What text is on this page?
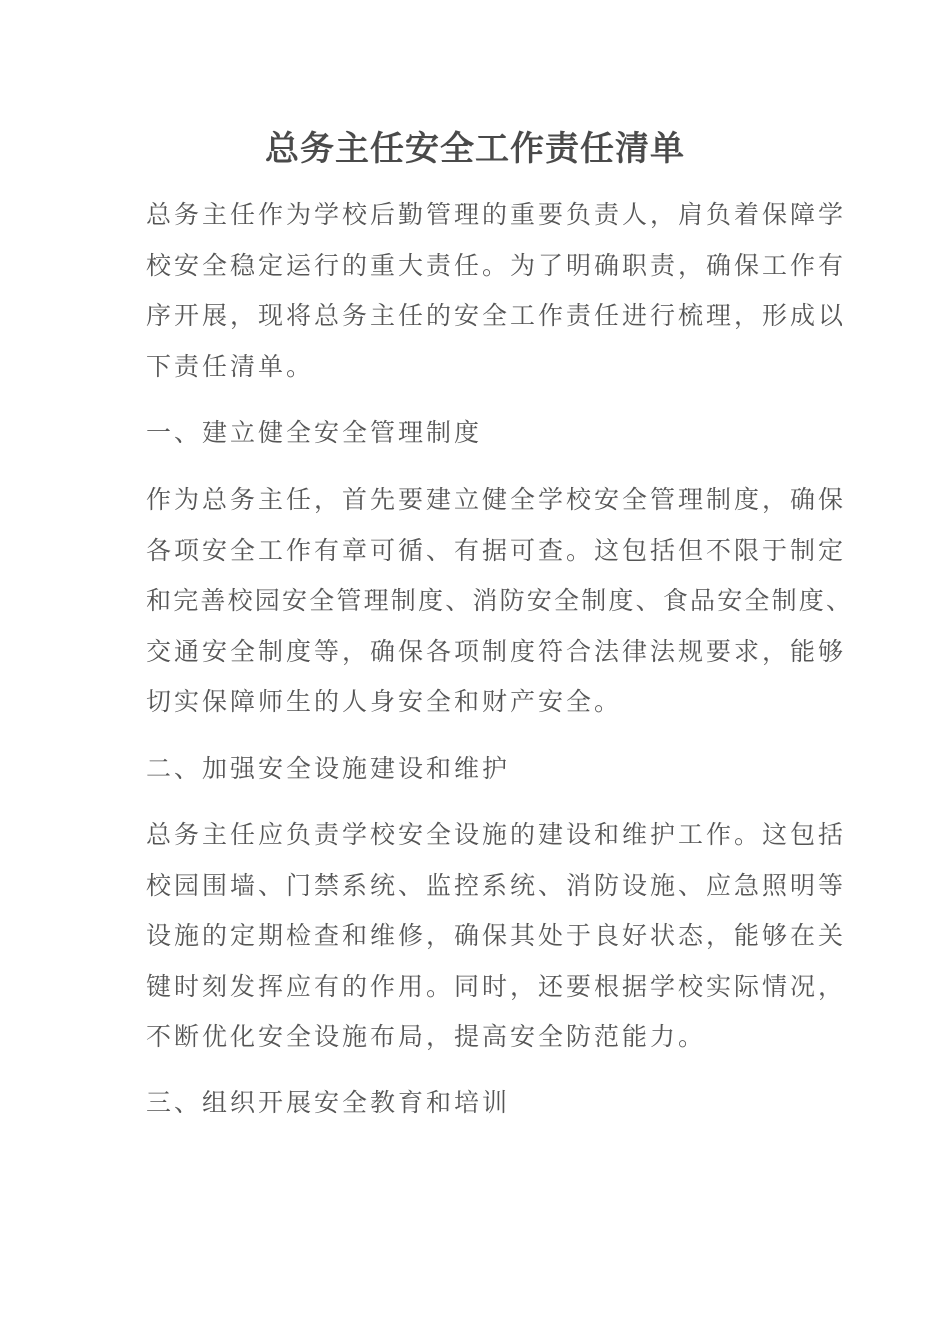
总务主任安全工作责任清单
总务主任作为学校后勤管理的重要负责人，肩负着保障学
校安全稳定运行的重大责任。为了明确职责，确保工作有
序开展，现将总务主任的安全工作责任进行梳理，形成以
下责任清单。
一、建立健全安全管理制度
作为总务主任，首先要建立健全学校安全管理制度，确保
各项安全工作有章可循、有据可查。这包括但不限于制定
和完善校园安全管理制度、消防安全制度、食品安全制度、
交通安全制度等，确保各项制度符合法律法规要求，能够
切实保障师生的人身安全和财产安全。
二、加强安全设施建设和维护
总务主任应负责学校安全设施的建设和维护工作。这包括
校园围墙、门禁系统、监控系统、消防设施、应急照明等
设施的定期检查和维修，确保其处于良好状态，能够在关
键时刻发挥应有的作用。同时，还要根据学校实际情况，
不断优化安全设施布局，提高安全防范能力。
三、组织开展安全教育和培训
